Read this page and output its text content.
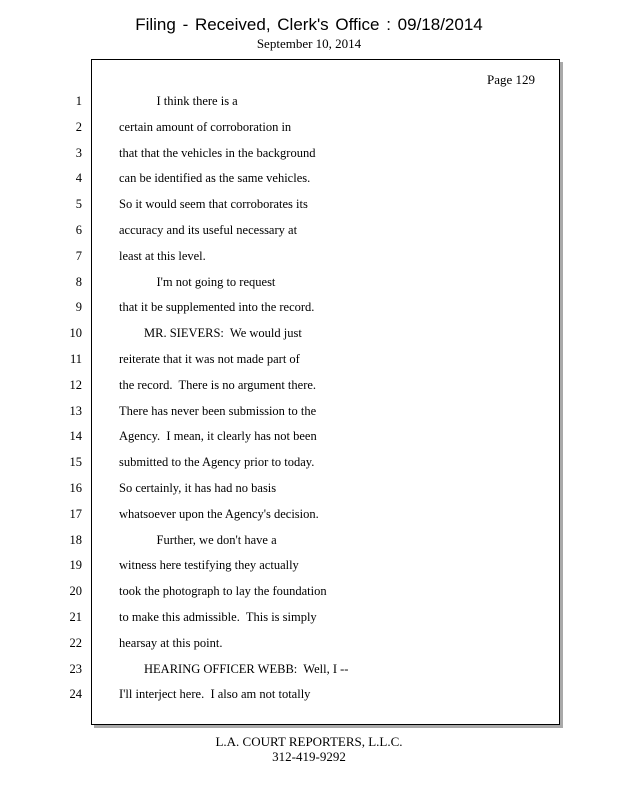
Filing - Received, Clerk's Office : 09/18/2014
September 10, 2014
Page 129
1	I think there is a
2	certain amount of corroboration in
3	that that the vehicles in the background
4	can be identified as the same vehicles.
5	So it would seem that corroborates its
6	accuracy and its useful necessary at
7	least at this level.
8	I'm not going to request
9	that it be supplemented into the record.
10	MR. SIEVERS:  We would just
11	reiterate that it was not made part of
12	the record.  There is no argument there.
13	There has never been submission to the
14	Agency.  I mean, it clearly has not been
15	submitted to the Agency prior to today.
16	So certainly, it has had no basis
17	whatsoever upon the Agency's decision.
18	Further, we don't have a
19	witness here testifying they actually
20	took the photograph to lay the foundation
21	to make this admissible.  This is simply
22	hearsay at this point.
23	HEARING OFFICER WEBB:  Well, I --
24	I'll interject here.  I also am not totally
L.A. COURT REPORTERS, L.L.C.
312-419-9292
